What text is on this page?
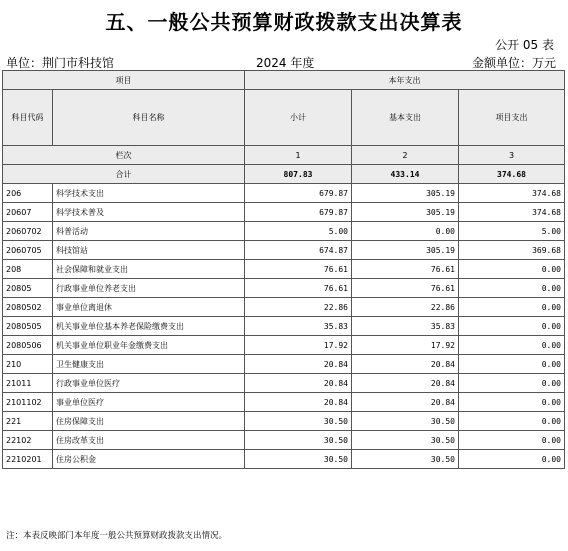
五、一般公共预算财政拨款支出决算表
公开 05 表
单位：荆门市科技馆	2024 年度	金额单位：万元
项目		本年支出		
科目代码	科目名称	小计	基本支出	项目支出
栏次		1	2	3
合计		807.83	433.14	374.68
206	科学技术支出	679.87	305.19	374.68
20607	科学技术普及	679.87	305.19	374.68
2060702	科普活动	5.00	0.00	5.00
2060705	科技馆站	674.87	305.19	369.68
208	社会保障和就业支出	76.61	76.61	0.00
20805	行政事业单位养老支出	76.61	76.61	0.00
2080502	事业单位离退休	22.86	22.86	0.00
2080505	机关事业单位基本养老保险缴费支出	35.83	35.83	0.00
2080506	机关事业单位职业年金缴费支出	17.92	17.92	0.00
210	卫生健康支出	20.84	20.84	0.00
21011	行政事业单位医疗	20.84	20.84	0.00
2101102	事业单位医疗	20.84	20.84	0.00
221	住房保障支出	30.50	30.50	0.00
22102	住房改革支出	30.50	30.50	0.00
2210201	住房公积金	30.50	30.50	0.00
注：本表反映部门本年度一般公共预算财政拨款支出情况。
